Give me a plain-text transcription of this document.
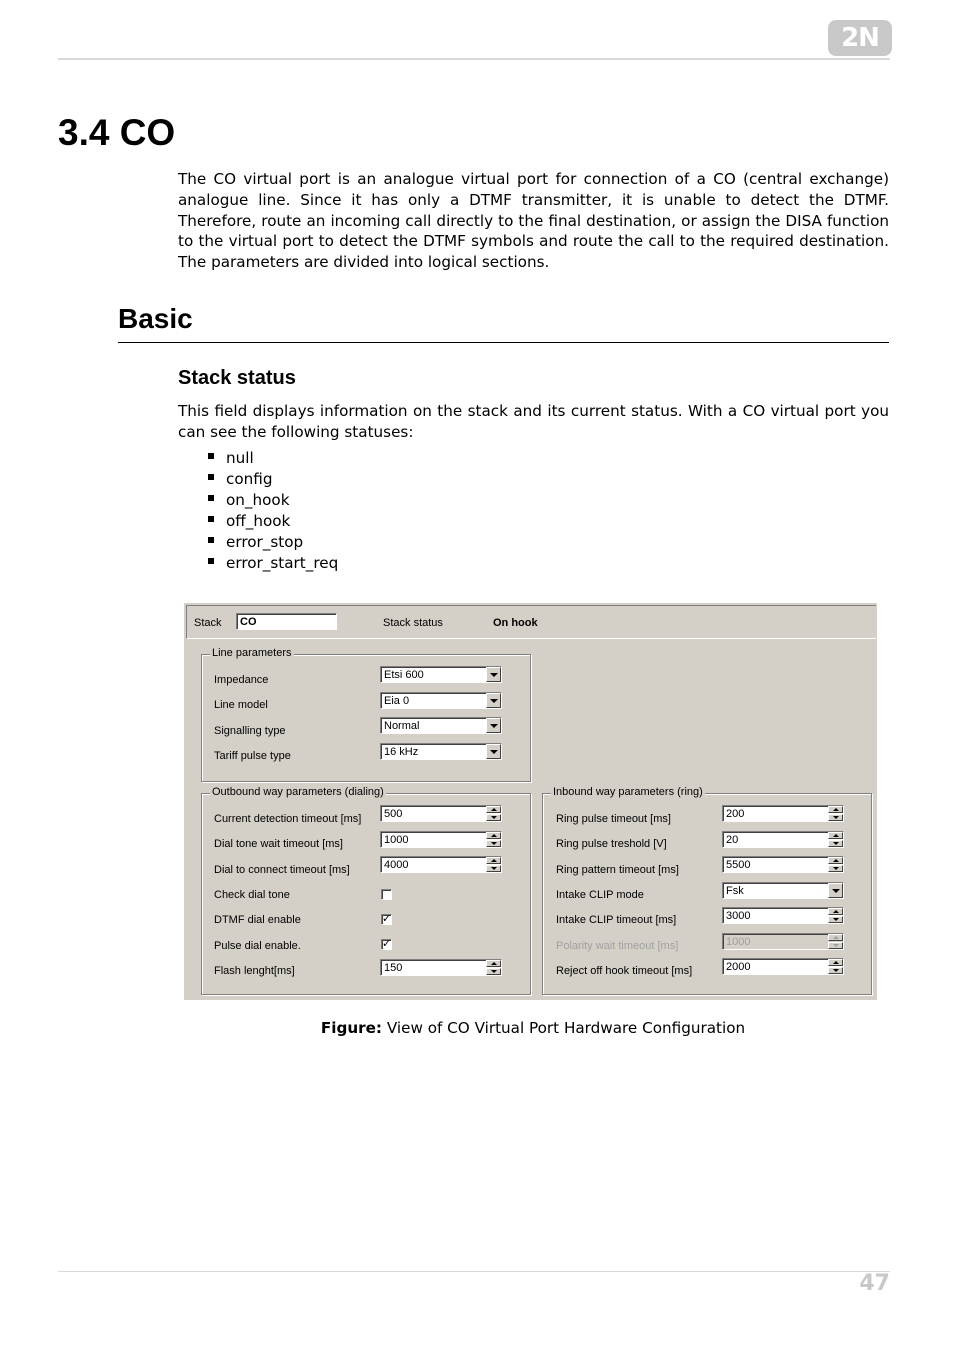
2N
3.4 CO

The CO virtual port is an analogue virtual port for connection of a CO (central exchange) analogue line. Since it has only a DTMF transmitter, it is unable to detect the DTMF. Therefore, route an incoming call directly to the final destination, or assign the DISA function to the virtual port to detect the DTMF symbols and route the call to the required destination. The parameters are divided into logical sections.

Basic
Stack status

This field displays information on the stack and its current status. With a CO virtual port you can see the following statuses:

null
config
on_hook
off_hook
error_stop
error_start_req
Stack	CO	Stack status	On hook
Line parameters
Impedance	Etsi 600
Line model	Eia 0
Signalling type	Normal
Tariff pulse type	16 kHz
Outbound way parameters (dialing)
Current detection timeout [ms]	500
Dial tone wait timeout [ms]	1000
Dial to connect timeout [ms]	4000
Check dial tone
DTMF dial enable	✓
Pulse dial enable.	✓
Flash lenght[ms]	150
Inbound way parameters (ring)
Ring pulse timeout [ms]	200
Ring pulse treshold [V]	20
Ring pattern timeout [ms]	5500
Intake CLIP mode	Fsk
Intake CLIP timeout [ms]	3000
Polarity wait timeout [ms]	1000
Reject off hook timeout [ms]	2000

Figure: View of CO Virtual Port Hardware Configuration

47
